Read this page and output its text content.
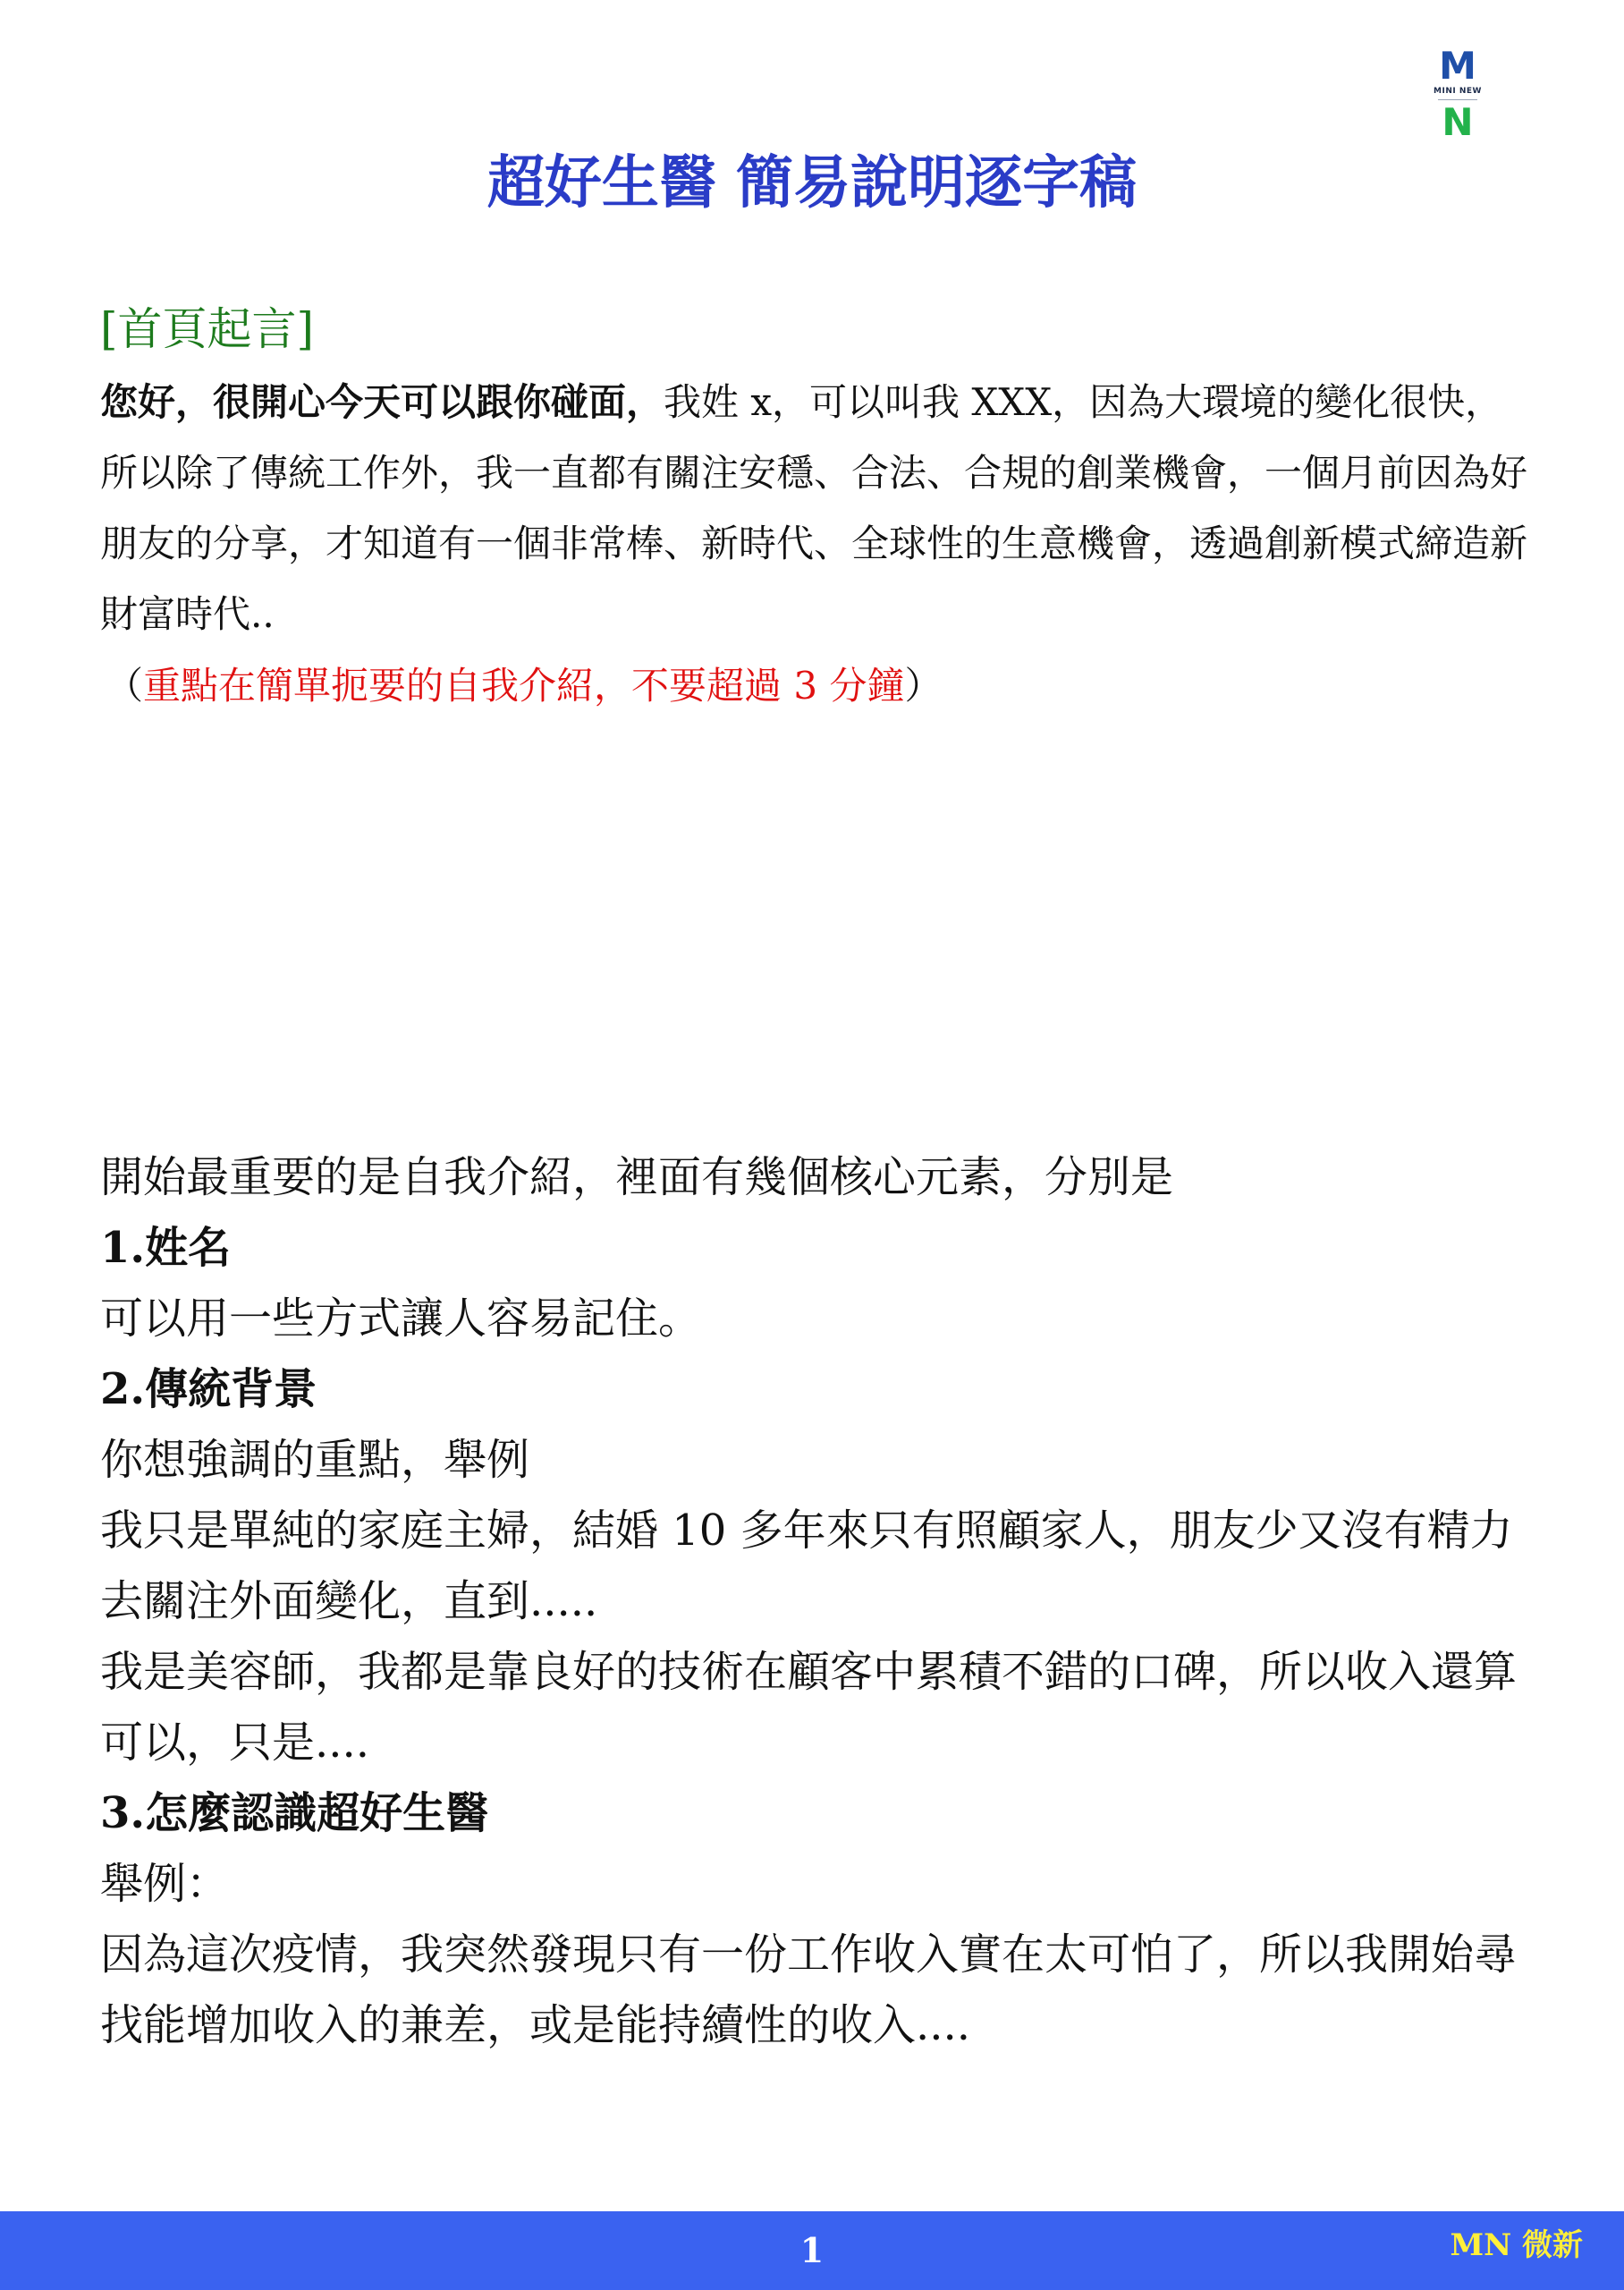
M
MINI NEW
N
超好生醫 簡易說明逐字稿
[首頁起言]

您好，很開心今天可以跟你碰面，我姓 x，可以叫我 XXX，因為大環境的變化很快，所以除了傳統工作外，我一直都有關注安穩、合法、合規的創業機會，一個月前因為好朋友的分享，才知道有一個非常棒、新時代、全球性的生意機會，透過創新模式締造新財富時代..

（重點在簡單扼要的自我介紹，不要超過 3 分鐘）

開始最重要的是自我介紹，裡面有幾個核心元素，分別是

1.姓名

可以用一些方式讓人容易記住。

2.傳統背景

你想強調的重點，舉例

我只是單純的家庭主婦，結婚 10 多年來只有照顧家人，朋友少又沒有精力去關注外面變化，直到.....

我是美容師，我都是靠良好的技術在顧客中累積不錯的口碑，所以收入還算可以，只是....

3.怎麼認識超好生醫

舉例：

因為這次疫情，我突然發現只有一份工作收入實在太可怕了，所以我開始尋找能增加收入的兼差，或是能持續性的收入....

1	MN 微新
